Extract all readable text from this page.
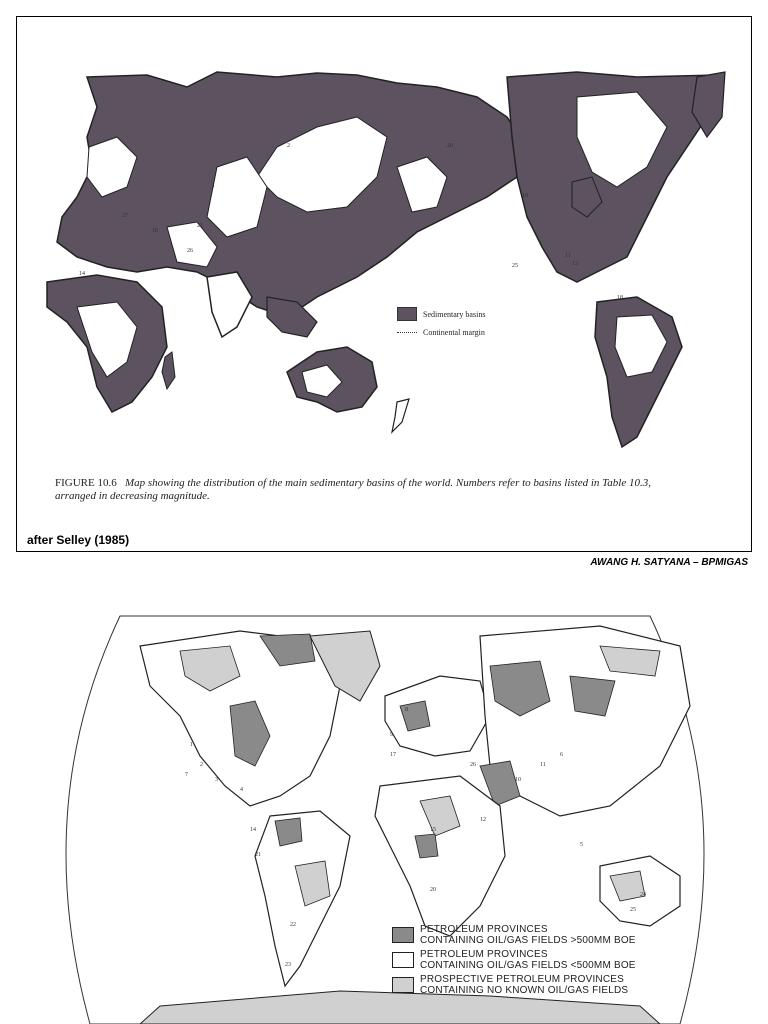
1
2
10
16
20
21
25
26
27
14
11
18
13
Sedimentary basins
Continental margin
FIGURE 10.6 Map showing the distribution of the main sedimentary basins of the world. Numbers refer to basins listed in Table 10.3, arranged in decreasing magnitude.
after Selley (1985)
AWANG H. SATYANA – BPMIGAS
1
2
3
4
5
6
7
8
9
10
11
12
14	15
17
20
21
22
23
24
25
26
PETROLEUM PROVINCES
CONTAINING OIL/GAS FIELDS >500MM BOE
PETROLEUM PROVINCES
CONTAINING OIL/GAS FIELDS <500MM BOE
PROSPECTIVE PETROLEUM PROVINCES
CONTAINING NO KNOWN OIL/GAS FIELDS
